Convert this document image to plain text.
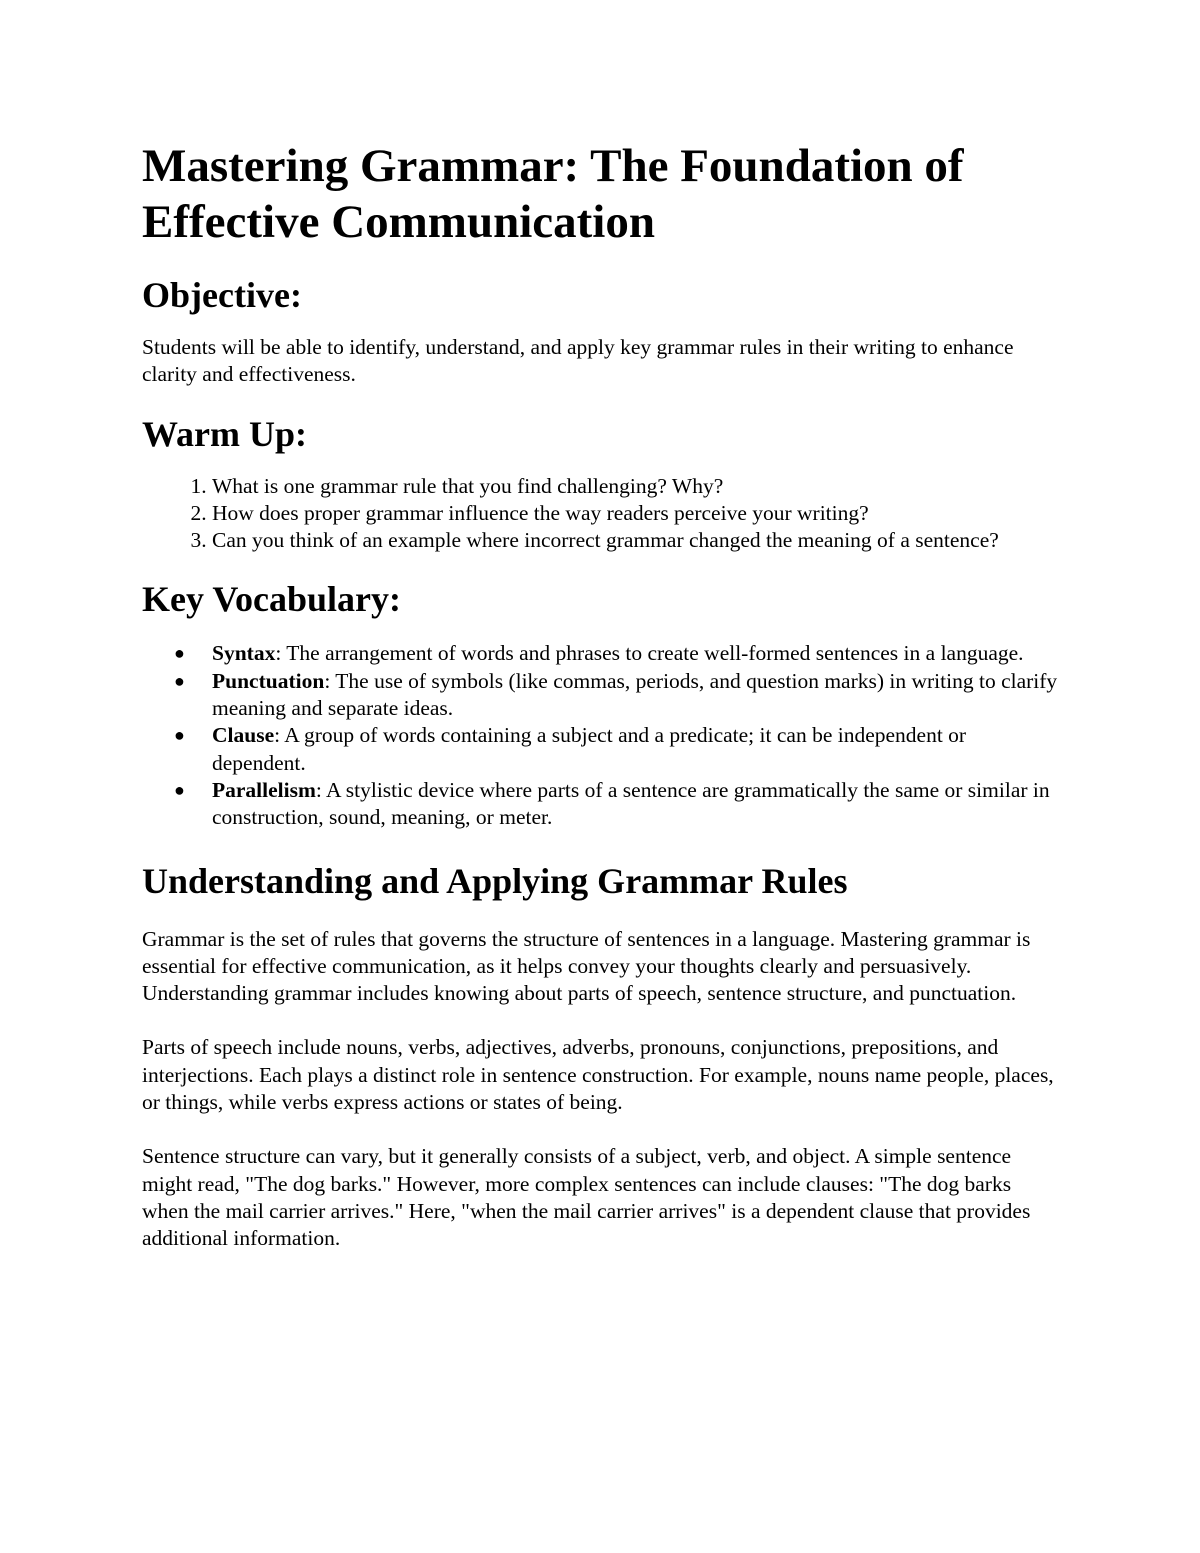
Mastering Grammar: The Foundation of Effective Communication
Objective:

Students will be able to identify, understand, and apply key grammar rules in their writing to enhance clarity and effectiveness.

Warm Up:
1. What is one grammar rule that you find challenging? Why?
2. How does proper grammar influence the way readers perceive your writing?
3. Can you think of an example where incorrect grammar changed the meaning of a sentence?
Key Vocabulary:
● Syntax: The arrangement of words and phrases to create well-formed sentences in a language.
● Punctuation: The use of symbols (like commas, periods, and question marks) in writing to clarify meaning and separate ideas.
● Clause: A group of words containing a subject and a predicate; it can be independent or dependent.
● Parallelism: A stylistic device where parts of a sentence are grammatically the same or similar in construction, sound, meaning, or meter.
Understanding and Applying Grammar Rules

Grammar is the set of rules that governs the structure of sentences in a language. Mastering grammar is essential for effective communication, as it helps convey your thoughts clearly and persuasively. Understanding grammar includes knowing about parts of speech, sentence structure, and punctuation.

Parts of speech include nouns, verbs, adjectives, adverbs, pronouns, conjunctions, prepositions, and interjections. Each plays a distinct role in sentence construction. For example, nouns name people, places, or things, while verbs express actions or states of being.

Sentence structure can vary, but it generally consists of a subject, verb, and object. A simple sentence might read, "The dog barks." However, more complex sentences can include clauses: "The dog barks when the mail carrier arrives." Here, "when the mail carrier arrives" is a dependent clause that provides additional information.
